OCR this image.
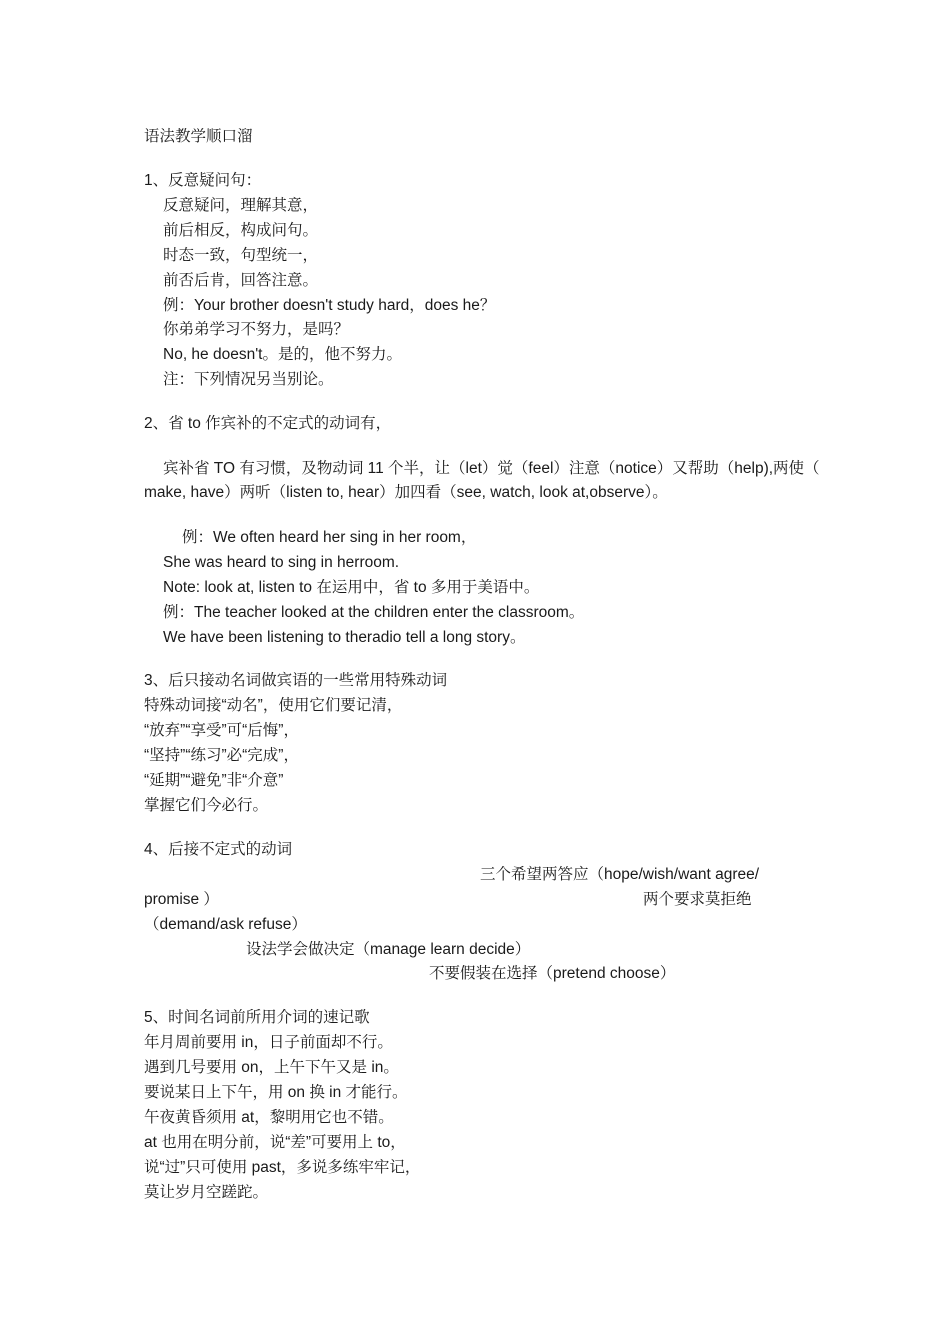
语法教学顺口溜
1、反意疑问句：
反意疑问，理解其意，
前后相反，构成问句。
时态一致，句型统一，
前否后肯，回答注意。
例：Your brother doesn't study hard，does he？
你弟弟学习不努力，是吗？
No, he doesn't。是的，他不努力。
注：下列情况另当别论。
2、省 to 作宾补的不定式的动词有，
宾补省 TO 有习惯，及物动词 11 个半，让（let）觉（feel）注意（notice）又帮助（help),两使（
make, have）两听（listen to, hear）加四看（see, watch, look at,observe）。
例：We often heard her sing in her room，
She was heard to sing in herroom.
Note: look at, listen to 在运用中，省 to 多用于美语中。
例：The teacher looked at the children enter the classroom。
We have been listening to theradio tell a long story。
3、后只接动名词做宾语的一些常用特殊动词
特殊动词接“动名”，使用它们要记清，
“放弃”“享受”可“后悔”，
“坚持”“练习”必“完成”，
“延期”“避免”非“介意”
掌握它们今必行。
4、后接不定式的动词
三个希望两答应（hope/wish/want agree/
promise ）	两个要求莫拒绝
（demand/ask refuse）
设法学会做决定（manage learn decide）
不要假装在选择（pretend choose）
5、时间名词前所用介词的速记歌
年月周前要用 in，日子前面却不行。
遇到几号要用 on，上午下午又是 in。
要说某日上下午，用 on 换 in 才能行。
午夜黄昏须用 at，黎明用它也不错。
at 也用在明分前，说“差”可要用上 to，
说“过”只可使用 past，多说多练牢牢记，
莫让岁月空蹉跎。
